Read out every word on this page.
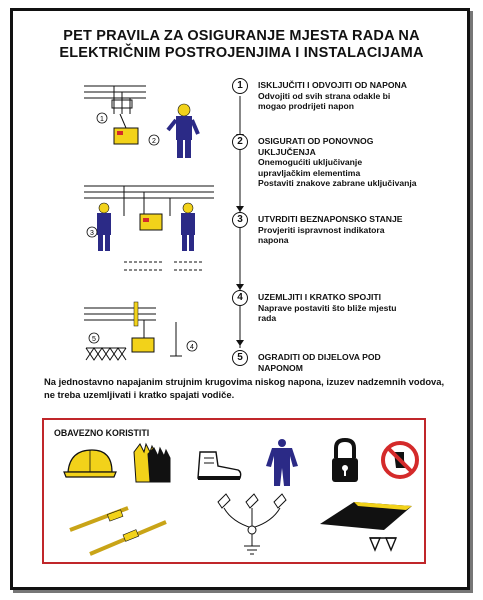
PET PRAVILA ZA OSIGURANJE MJESTA RADA NA
ELEKTRIČNIM POSTROJENJIMA I INSTALACIJAMA
1
2
3
4
5
1	ISKLJUČITI I ODVOJITI OD NAPONA
Odvojiti od svih strana odakle bi
mogao prodrijeti napon
2	OSIGURATI OD PONOVNOG UKLJUČENJA
Onemogućiti uključivanje
upravljačkim elementima
Postaviti znakove zabrane uključivanja
3	UTVRDITI BEZNAPONSKO STANJE
Provjeriti ispravnost indikatora
napona
4	UZEMLJITI I KRATKO SPOJITI
Naprave postaviti što bliže mjestu
rada
5	OGRADITI OD DIJELOVA POD NAPONOM
Na jednostavno napajanim strujnim krugovima niskog napona, izuzev nadzemnih vodova, ne treba uzemljivati i kratko spajati vodiče.
OBAVEZNO KORISTITI
